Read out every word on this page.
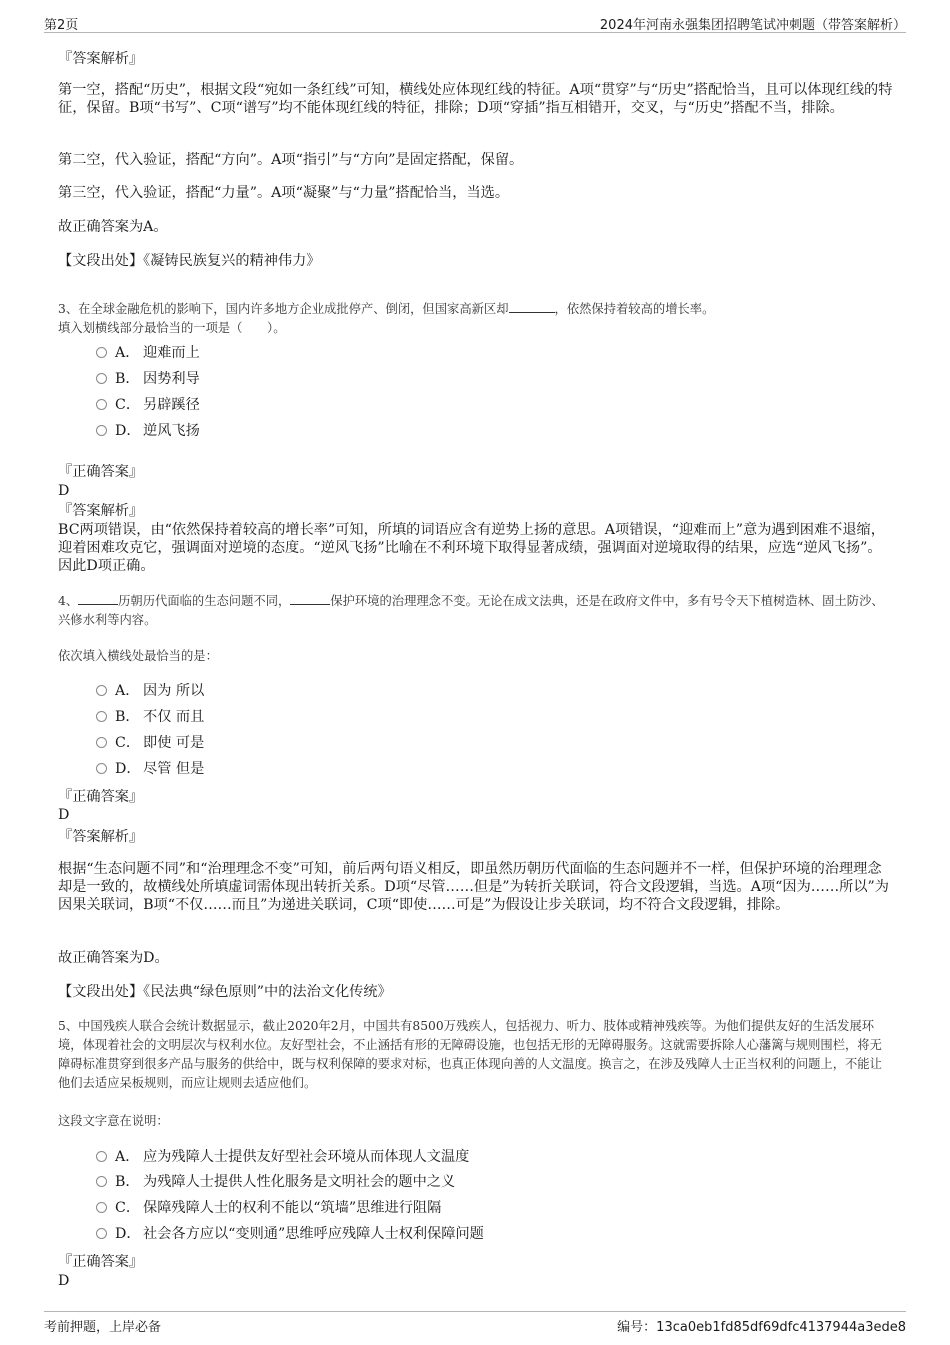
第2页	2024年河南永强集团招聘笔试冲刺题（带答案解析）
『答案解析』
第一空，搭配“历史”，根据文段“宛如一条红线”可知，横线处应体现红线的特征。A项“贯穿”与“历史”搭配恰当，且可以体现红线的特征，保留。B项“书写”、C项“谱写”均不能体现红线的特征，排除；D项“穿插”指互相错开，交叉，与“历史”搭配不当，排除。
第二空，代入验证，搭配“方向”。A项“指引”与“方向”是固定搭配，保留。
第三空，代入验证，搭配“力量”。A项“凝聚”与“力量”搭配恰当，当选。
故正确答案为A。
【文段出处】《凝铸民族复兴的精神伟力》
3、在全球金融危机的影响下，国内许多地方企业成批停产、倒闭，但国家高新区却	，依然保持着较高的增长率。
填入划横线部分最恰当的一项是（　　）。
A． 迎难而上
B． 因势利导
C． 另辟蹊径
D． 逆风飞扬
『正确答案』
D
『答案解析』
BC两项错误，由“依然保持着较高的增长率”可知，所填的词语应含有逆势上扬的意思。A项错误，“迎难而上”意为遇到困难不退缩，迎着困难攻克它，强调面对逆境的态度。“逆风飞扬”比喻在不利环境下取得显著成绩，强调面对逆境取得的结果，应选“逆风飞扬”。因此D项正确。
4、	历朝历代面临的生态问题不同，	保护环境的治理理念不变。无论在成文法典，还是在政府文件中，多有号令天下植树造林、固土防沙、兴修水利等内容。
依次填入横线处最恰当的是：
A． 因为 所以
B． 不仅 而且
C． 即使 可是
D． 尽管 但是
『正确答案』
D
『答案解析』
根据“生态问题不同”和“治理理念不变”可知，前后两句语义相反，即虽然历朝历代面临的生态问题并不一样，但保护环境的治理理念却是一致的，故横线处所填虚词需体现出转折关系。D项“尽管……但是”为转折关联词，符合文段逻辑，当选。A项“因为……所以”为因果关联词，B项“不仅……而且”为递进关联词，C项“即使……可是”为假设让步关联词，均不符合文段逻辑，排除。
故正确答案为D。
【文段出处】《民法典“绿色原则”中的法治文化传统》
5、中国残疾人联合会统计数据显示，截止2020年2月，中国共有8500万残疾人，包括视力、听力、肢体或精神残疾等。为他们提供友好的生活发展环境，体现着社会的文明层次与权利水位。友好型社会，不止涵括有形的无障碍设施，也包括无形的无障碍服务。这就需要拆除人心藩篱与规则围栏，将无障碍标准贯穿到很多产品与服务的供给中，既与权利保障的要求对标，也真正体现向善的人文温度。换言之，在涉及残障人士正当权利的问题上，不能让他们去适应呆板规则，而应让规则去适应他们。
这段文字意在说明：
A． 应为残障人士提供友好型社会环境从而体现人文温度
B． 为残障人士提供人性化服务是文明社会的题中之义
C． 保障残障人士的权利不能以“筑墙”思维进行阻隔
D． 社会各方应以“变则通”思维呼应残障人士权利保障问题
『正确答案』
D
考前押题，上岸必备	编号：13ca0eb1fd85df69dfc4137944a3ede8
